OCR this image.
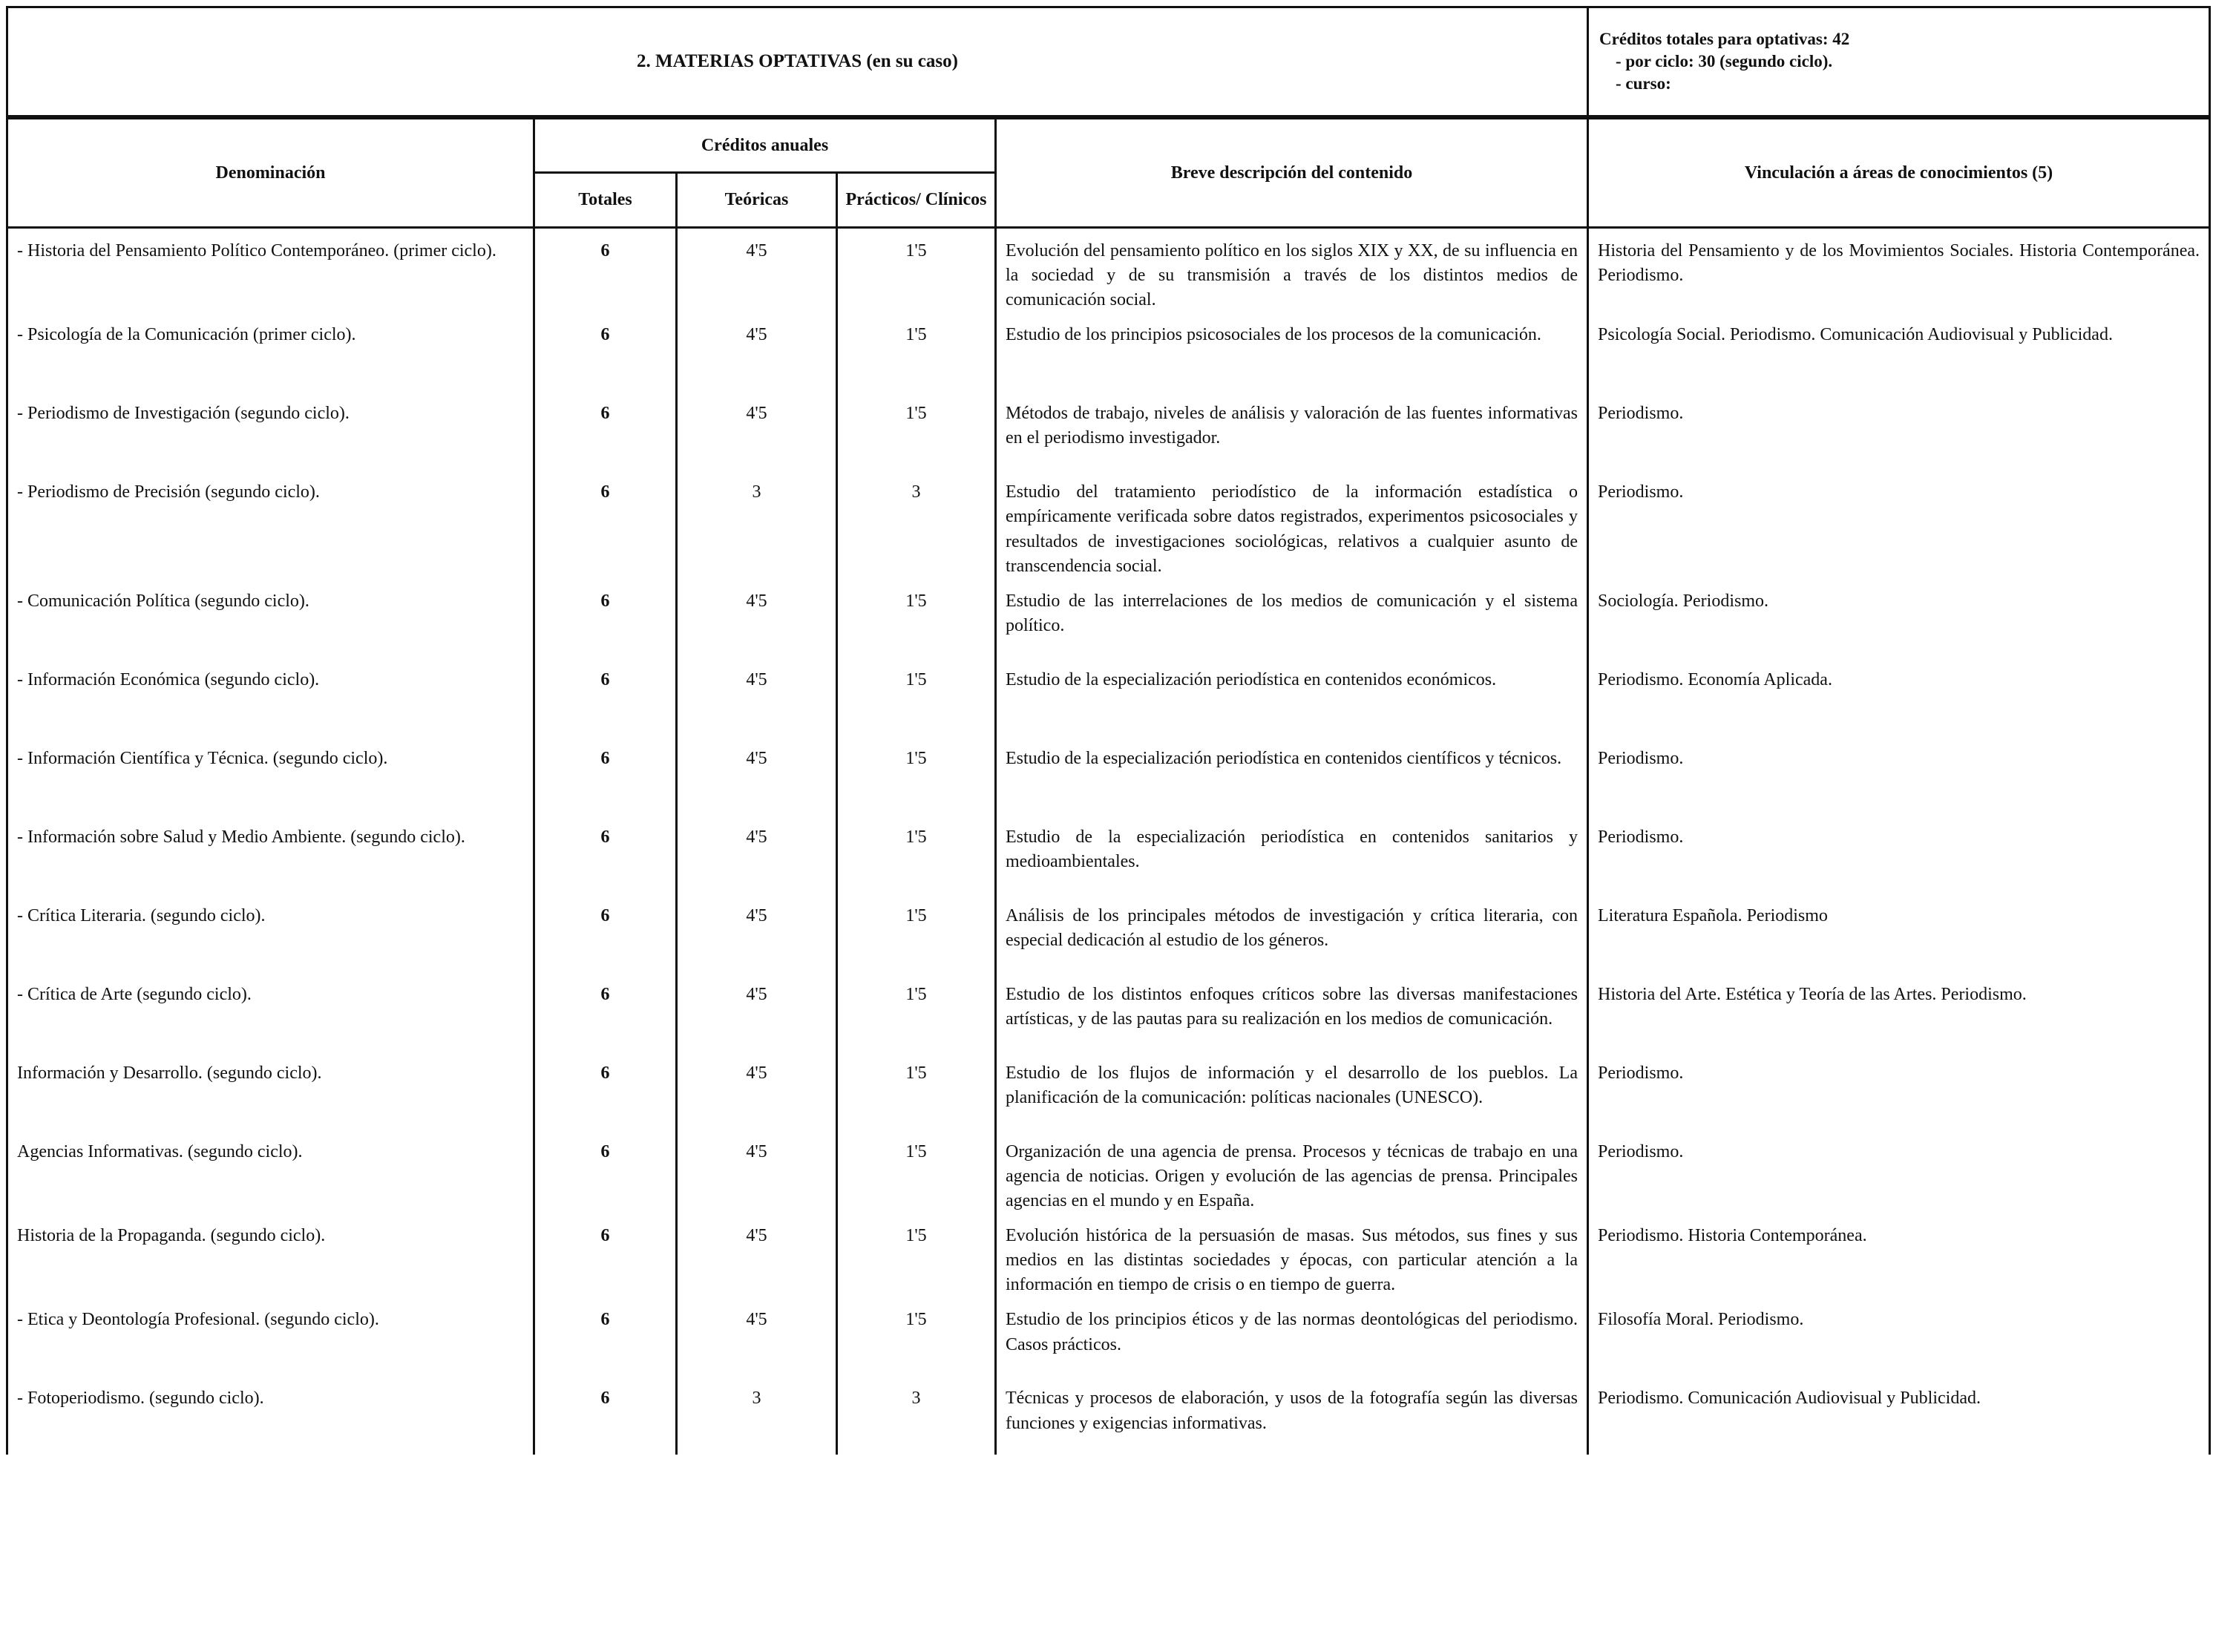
2. MATERIAS OPTATIVAS (en su caso)	
Créditos totales para optativas: 42
- por ciclo: 30 (segundo ciclo).
- curso:
Denominación	Créditos anuales			Breve descripción del contenido	Vinculación a áreas de conocimientos (5)
	Totales	Teóricas	Prácticos/ Clínicos		
- Historia del Pensamiento Político Contemporáneo. (primer ciclo).	6	4'5	1'5	Evolución del pensamiento político en los siglos XIX y XX, de su influencia en la sociedad y de su transmisión a través de los distintos medios de comunicación social.	Historia del Pensamiento y de los Movimientos Sociales. Historia Contemporánea. Periodismo.
- Psicología de la Comunicación (primer ciclo).	6	4'5	1'5	Estudio de los principios psicosociales de los procesos de la comunicación.	Psicología Social. Periodismo. Comunicación Audiovisual y Publicidad.
- Periodismo de Investigación (segundo ciclo).	6	4'5	1'5	Métodos de trabajo, niveles de análisis y valoración de las fuentes informativas en el periodismo investigador.	Periodismo.
- Periodismo de Precisión (segundo ciclo).	6	3	3	Estudio del tratamiento periodístico de la información estadística o empíricamente verificada sobre datos registrados, experimentos psicosociales y resultados de investigaciones sociológicas, relativos a cualquier asunto de transcendencia social.	Periodismo.
- Comunicación Política (segundo ciclo).	6	4'5	1'5	Estudio de las interrelaciones de los medios de comunicación y el sistema político.	Sociología. Periodismo.
- Información Económica (segundo ciclo).	6	4'5	1'5	Estudio de la especialización periodística en contenidos económicos.	Periodismo. Economía Aplicada.
- Información Científica y Técnica. (segundo ciclo).	6	4'5	1'5	Estudio de la especialización periodística en contenidos científicos y técnicos.	Periodismo.
- Información sobre Salud y Medio Ambiente. (segundo ciclo).	6	4'5	1'5	Estudio de la especialización periodística en contenidos sanitarios y medioambientales.	Periodismo.
- Crítica Literaria. (segundo ciclo).	6	4'5	1'5	Análisis de los principales métodos de investigación y crítica literaria, con especial dedicación al estudio de los géneros.	Literatura Española. Periodismo
- Crítica de Arte (segundo ciclo).	6	4'5	1'5	Estudio de los distintos enfoques críticos sobre las diversas manifestaciones artísticas, y de las pautas para su realización en los medios de comunicación.	Historia del Arte. Estética y Teoría de las Artes. Periodismo.
Información y Desarrollo. (segundo ciclo).	6	4'5	1'5	Estudio de los flujos de información y el desarrollo de los pueblos. La planificación de la comunicación: políticas nacionales (UNESCO).	Periodismo.
Agencias Informativas. (segundo ciclo).	6	4'5	1'5	Organización de una agencia de prensa. Procesos y técnicas de trabajo en una agencia de noticias. Origen y evolución de las agencias de prensa. Principales agencias en el mundo y en España.	Periodismo.
Historia de la Propaganda. (segundo ciclo).	6	4'5	1'5	Evolución histórica de la persuasión de masas. Sus métodos, sus fines y sus medios en las distintas sociedades y épocas, con particular atención a la información en tiempo de crisis o en tiempo de guerra.	Periodismo. Historia Contemporánea.
- Etica y Deontología Profesional. (segundo ciclo).	6	4'5	1'5	Estudio de los principios éticos y de las normas deontológicas del periodismo. Casos prácticos.	Filosofía Moral. Periodismo.
- Fotoperiodismo. (segundo ciclo).	6	3	3	Técnicas y procesos de elaboración, y usos de la fotografía según las diversas funciones y exigencias informativas.	Periodismo. Comunicación Audiovisual y Publicidad.
